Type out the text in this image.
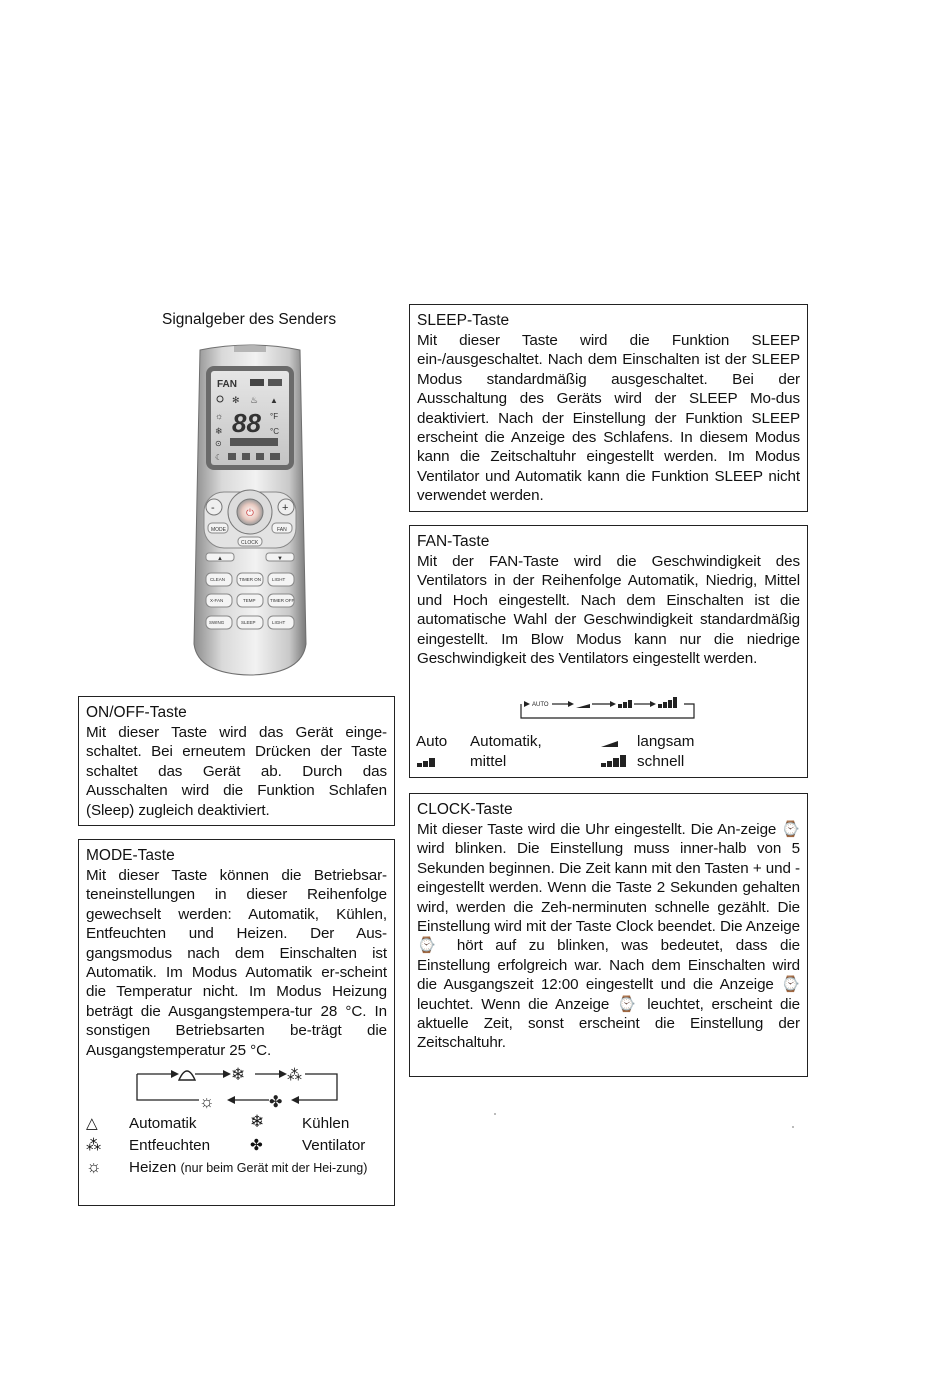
Signalgeber des Senders
FAN
✻ ♨ ▲
☼ 88 °F
°C
❄
⊙
☾
⏻
-	+
MODE	FAN
CLOCK
▲	▼
CLEAN	TIMER ON LIGHT
X-FAN	TEMP	TIMER OFF
SWING	SLEEP	LIGHT
ON/OFF-Taste

Mit dieser Taste wird das Gerät einge-schaltet. Bei erneutem Drücken der Taste schaltet das Gerät ab. Durch das Ausschalten wird die Funktion Schlafen (Sleep) zugleich deaktiviert.

MODE-Taste

Mit dieser Taste können die Betriebsar-teneinstellungen in dieser Reihenfolge gewechselt werden: Automatik, Kühlen, Entfeuchten und Heizen. Der Aus-gangsmodus nach dem Einschalten ist Automatik. Im Modus Automatik er-scheint die Temperatur nicht. Im Modus Heizung beträgt die Ausgangstempera-tur 28 °C. In sonstigen Betriebsarten be-trägt die Ausgangstemperatur 25 °C.

❄	⁂
☼	✤
△ Automatik	❄ Kühlen
⁂ Entfeuchten	✤	Ventilator
☼ Heizen (nur beim Gerät mit der Hei-zung)
SLEEP-Taste

Mit dieser Taste wird die Funktion SLEEP ein-/ausgeschaltet. Nach dem Einschalten ist der SLEEP Modus standardmäßig ausgeschaltet. Bei der Ausschaltung des Geräts wird der SLEEP Mo-dus deaktiviert. Nach der Einstellung der Funktion SLEEP erscheint die Anzeige des Schlafens. In diesem Modus kann die Zeitschaltuhr eingestellt werden. Im Modus Ventilator und Automatik kann die Funktion SLEEP nicht verwendet werden.

FAN-Taste

Mit der FAN-Taste wird die Geschwindigkeit des Ventilators in der Reihenfolge Automatik, Niedrig, Mittel und Hoch eingestellt. Nach dem Einschalten ist die automatische Wahl der Geschwindigkeit standardmäßig eingestellt. Im Blow Modus kann nur die niedrige Geschwindigkeit des Ventilators eingestellt werden.

AUTO
Auto Automatik,	langsam
mittel	schnell
CLOCK-Taste

Mit dieser Taste wird die Uhr eingestellt. Die An-zeige ⌚ wird blinken. Die Einstellung muss inner-halb von 5 Sekunden beginnen. Die Zeit kann mit den Tasten + und - eingestellt werden. Wenn die Taste 2 Sekunden gehalten wird, werden die Zeh-nerminuten schnelle gezählt. Die Einstellung wird mit der Taste Clock beendet. Die Anzeige ⌚ hört auf zu blinken, was bedeutet, dass die Einstellung erfolgreich war. Nach dem Einschalten wird die Ausgangszeit 12:00 eingestellt und die Anzeige ⌚ leuchtet. Wenn die Anzeige ⌚ leuchtet, erscheint die aktuelle Zeit, sonst erscheint die Einstellung der Zeitschaltuhr.
